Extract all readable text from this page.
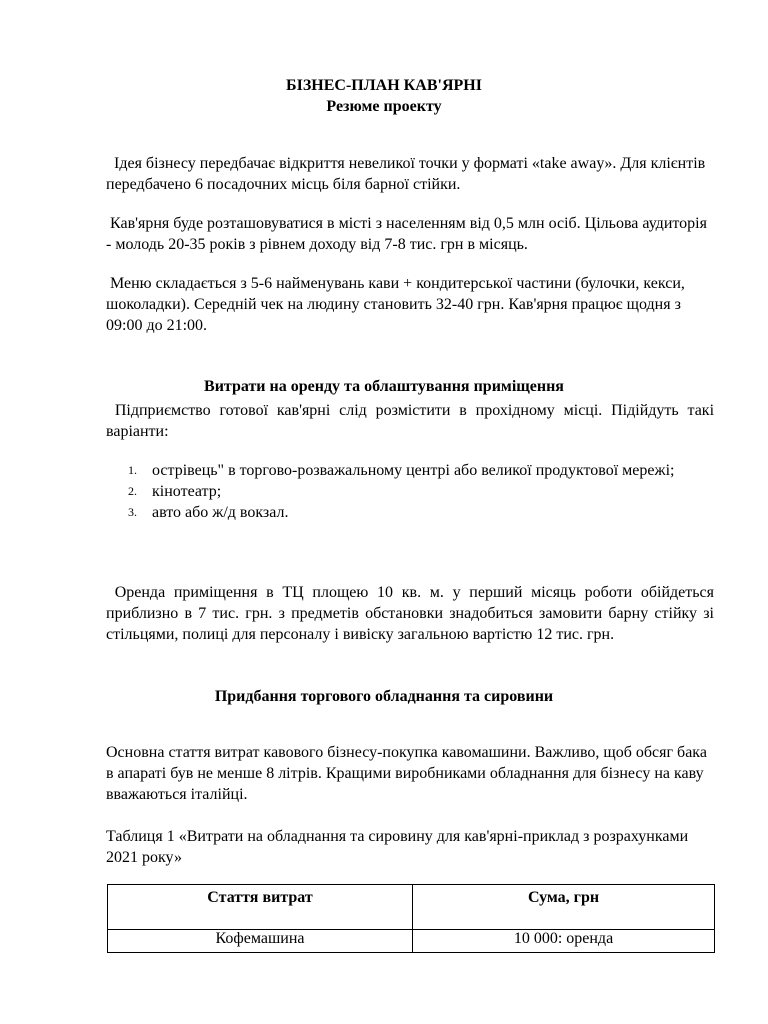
БІЗНЕС-ПЛАН КАВ'ЯРНІ
Резюме проекту

Ідея бізнесу передбачає відкриття невеликої точки у форматі «take away». Для клієнтів передбачено 6 посадочних місць біля барної стійки.

Кав'ярня буде розташовуватися в місті з населенням від 0,5 млн осіб. Цільова аудиторія - молодь 20-35 років з рівнем доходу від 7-8 тис. грн в місяць.

Меню складається з 5-6 найменувань кави + кондитерської частини (булочки, кекси, шоколадки). Середній чек на людину становить 32-40 грн. Кав'ярня працює щодня з 09:00 до 21:00.

Витрати на оренду та облаштування приміщення

Підприємство готової кав'ярні слід розмістити в прохідному місці. Підійдуть такі варіанти:

1. острівець" в торгово-розважальному центрі або великої продуктової мережі;
2. кінотеатр;
3. авто або ж/д вокзал.

Оренда приміщення в ТЦ площею 10 кв. м. у перший місяць роботи обійдеться приблизно в 7 тис. грн. з предметів обстановки знадобиться замовити барну стійку зі стільцями, полиці для персоналу і вивіску загальною вартістю 12 тис. грн.

Придбання торгового обладнання та сировини

Основна стаття витрат кавового бізнесу-покупка кавомашини. Важливо, щоб обсяг бака в апараті був не менше 8 літрів. Кращими виробниками обладнання для бізнесу на каву вважаються італійці.

Таблиця 1 «Витрати на обладнання та сировину для кав'ярні-приклад з розрахунками 2021 року»

Стаття витрат	Сума, грн
Кофемашина	10 000: оренда
